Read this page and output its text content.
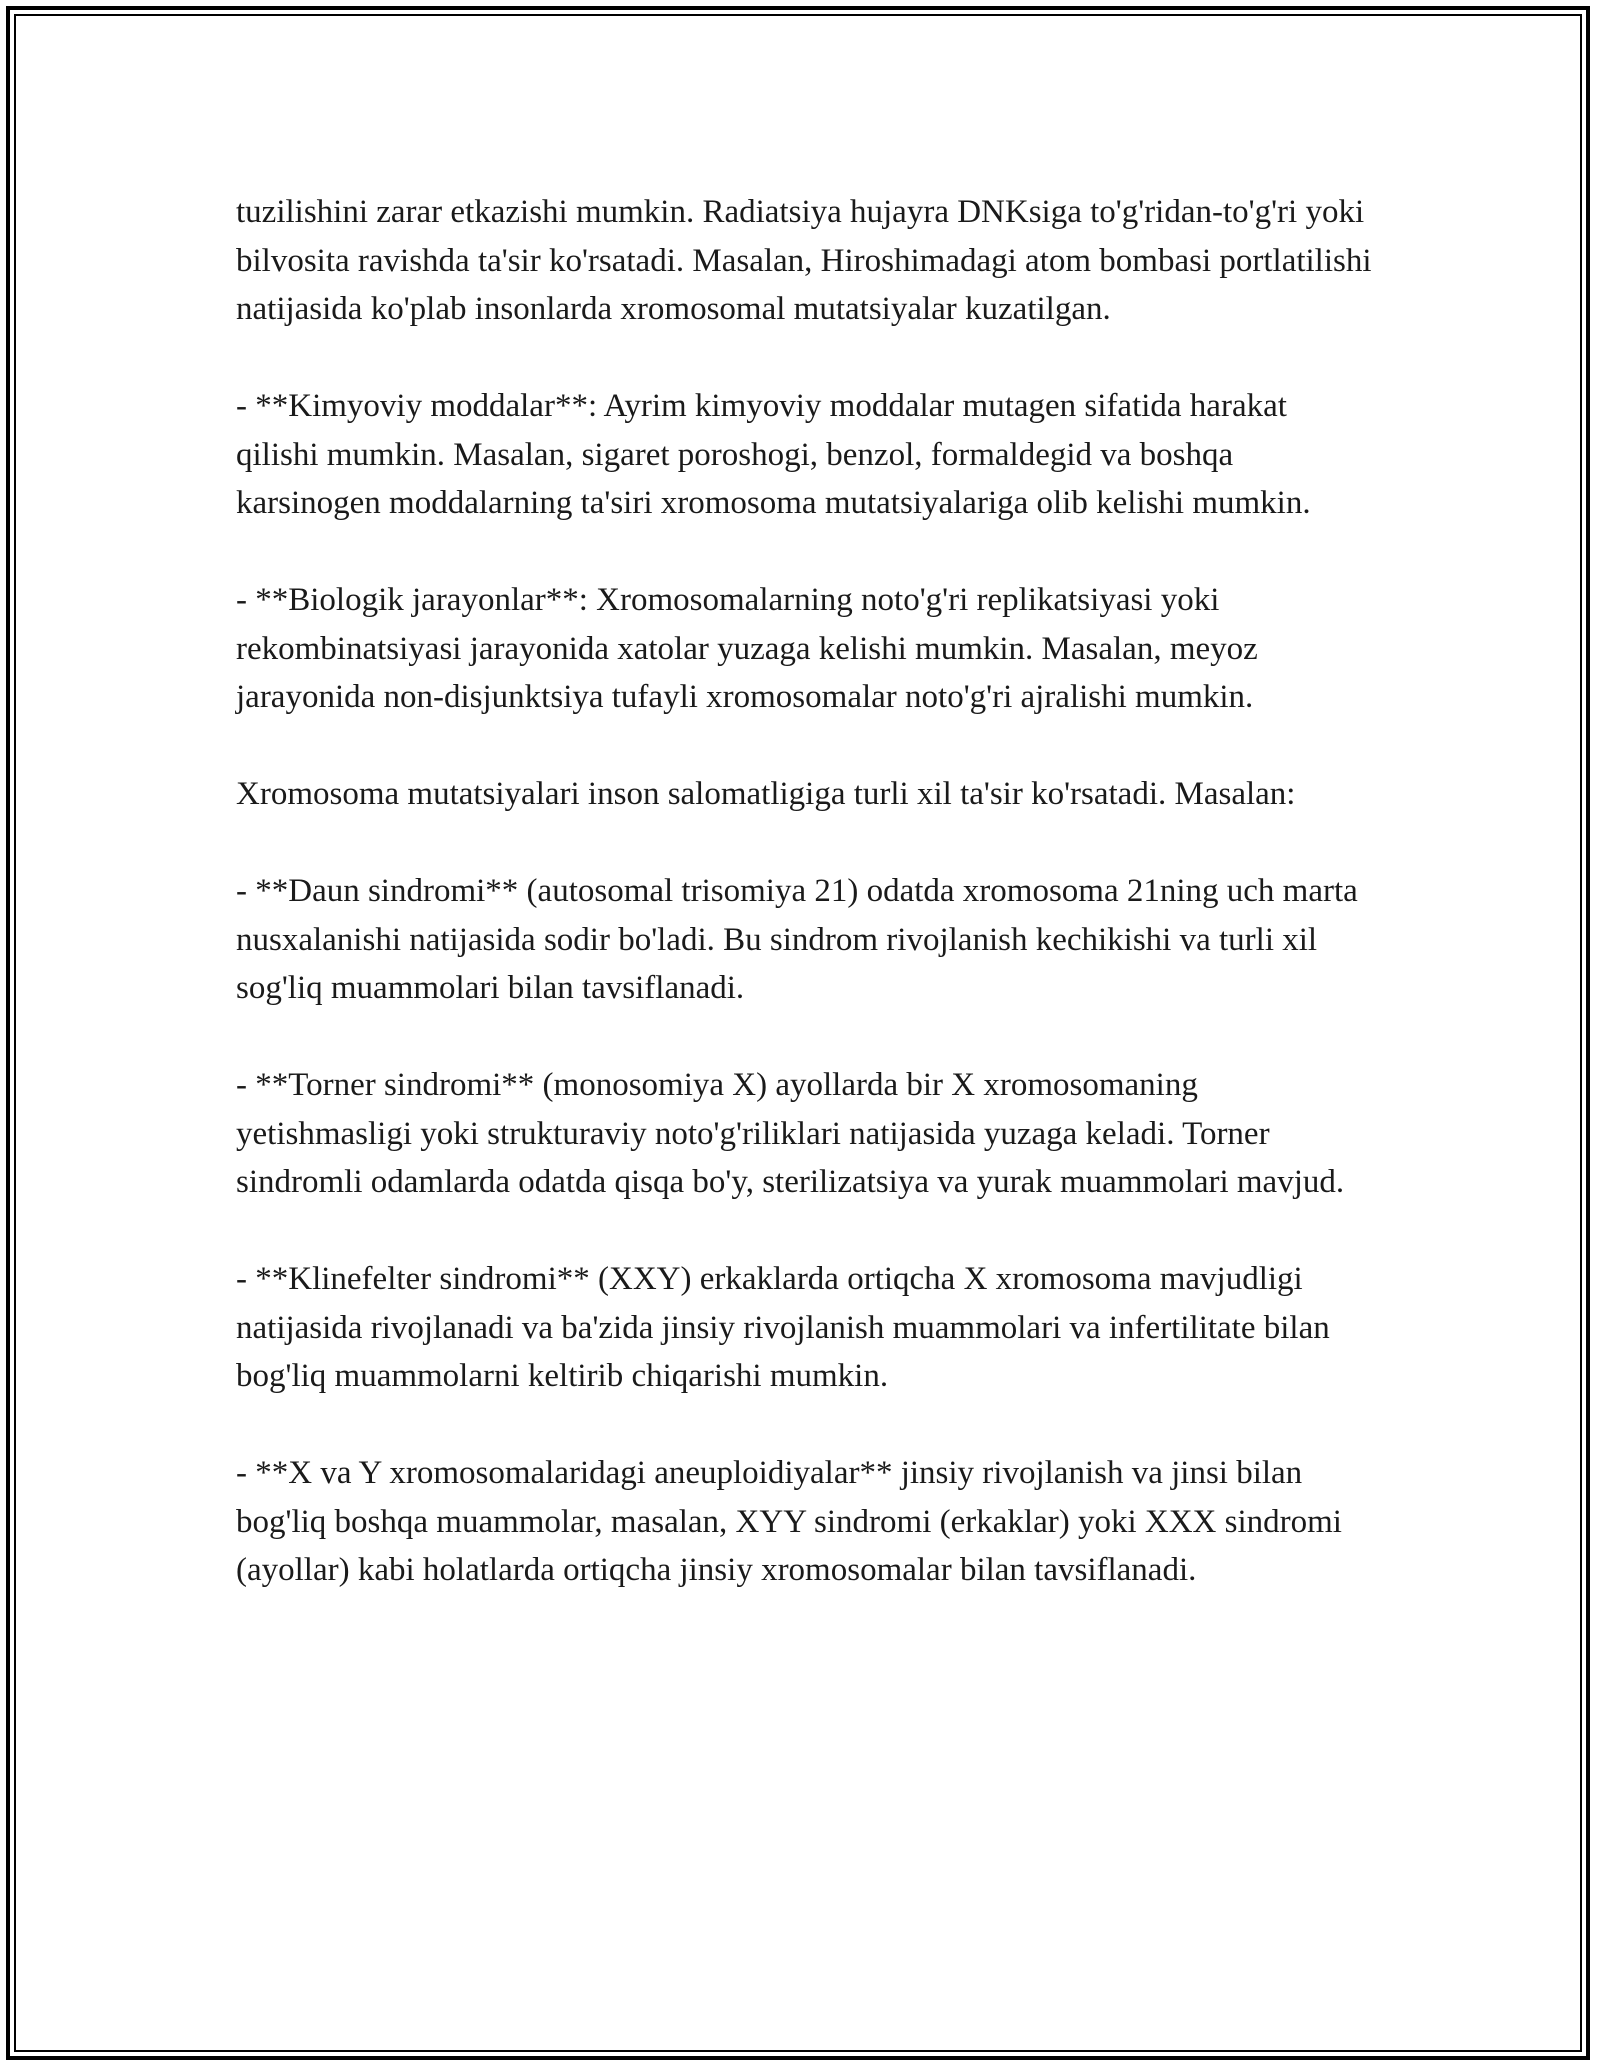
tuzilishini zarar etkazishi mumkin. Radiatsiya hujayra DNKsiga to'g'ridan-to'g'ri yoki bilvosita ravishda ta'sir ko'rsatadi. Masalan, Hiroshimadagi atom bombasi portlatilishi natijasida ko'plab insonlarda xromosomal mutatsiyalar kuzatilgan.

- **Kimyoviy moddalar**: Ayrim kimyoviy moddalar mutagen sifatida harakat qilishi mumkin. Masalan, sigaret poroshogi, benzol, formaldegid va boshqa karsinogen moddalarning ta'siri xromosoma mutatsiyalariga olib kelishi mumkin.

- **Biologik jarayonlar**: Xromosomalarning noto'g'ri replikatsiyasi yoki rekombinatsiyasi jarayonida xatolar yuzaga kelishi mumkin. Masalan, meyoz jarayonida non-disjunktsiya tufayli xromosomalar noto'g'ri ajralishi mumkin.

Xromosoma mutatsiyalari inson salomatligiga turli xil ta'sir ko'rsatadi. Masalan:

- **Daun sindromi** (autosomal trisomiya 21) odatda xromosoma 21ning uch marta nusxalanishi natijasida sodir bo'ladi. Bu sindrom rivojlanish kechikishi va turli xil sog'liq muammolari bilan tavsiflanadi.

- **Torner sindromi** (monosomiya X) ayollarda bir X xromosomaning yetishmasligi yoki strukturaviy noto'g'riliklari natijasida yuzaga keladi. Torner sindromli odamlarda odatda qisqa bo'y, sterilizatsiya va yurak muammolari mavjud.

- **Klinefelter sindromi** (XXY) erkaklarda ortiqcha X xromosoma mavjudligi natijasida rivojlanadi va ba'zida jinsiy rivojlanish muammolari va infertilitate bilan bog'liq muammolarni keltirib chiqarishi mumkin.

- **X va Y xromosomalaridagi aneuploidiyalar** jinsiy rivojlanish va jinsi bilan bog'liq boshqa muammolar, masalan, XYY sindromi (erkaklar) yoki XXX sindromi (ayollar) kabi holatlarda ortiqcha jinsiy xromosomalar bilan tavsiflanadi.
